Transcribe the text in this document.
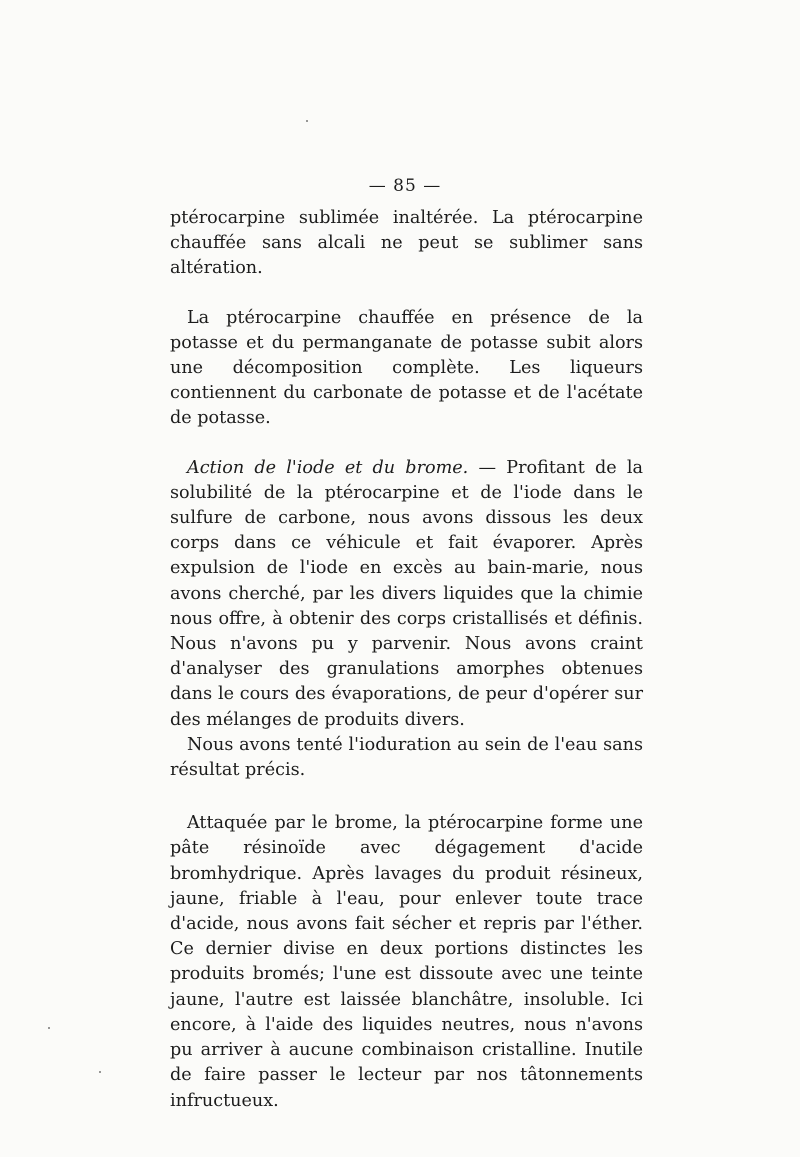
— 85 —

ptérocarpine sublimée inaltérée. La ptérocarpine chauffée sans alcali ne peut se sublimer sans altération.

La ptérocarpine chauffée en présence de la potasse et du permanganate de potasse subit alors une décomposition complète. Les liqueurs contiennent du carbonate de potasse et de l'acétate de potasse.

Action de l'iode et du brome. — Profitant de la solubilité de la ptérocarpine et de l'iode dans le sulfure de carbone, nous avons dissous les deux corps dans ce véhicule et fait évaporer. Après expulsion de l'iode en excès au bain-marie, nous avons cherché, par les divers liquides que la chimie nous offre, à obtenir des corps cristallisés et définis. Nous n'avons pu y parvenir. Nous avons craint d'analyser des granulations amorphes obtenues dans le cours des évaporations, de peur d'opérer sur des mélanges de produits divers.

Nous avons tenté l'ioduration au sein de l'eau sans résultat précis.

Attaquée par le brome, la ptérocarpine forme une pâte résinoïde avec dégagement d'acide bromhydrique. Après lavages du produit résineux, jaune, friable à l'eau, pour enlever toute trace d'acide, nous avons fait sécher et repris par l'éther. Ce dernier divise en deux portions distinctes les produits bromés; l'une est dissoute avec une teinte jaune, l'autre est laissée blanchâtre, insoluble. Ici encore, à l'aide des liquides neutres, nous n'avons pu arriver à aucune combinaison cristalline. Inutile de faire passer le lecteur par nos tâtonnements infructueux.
